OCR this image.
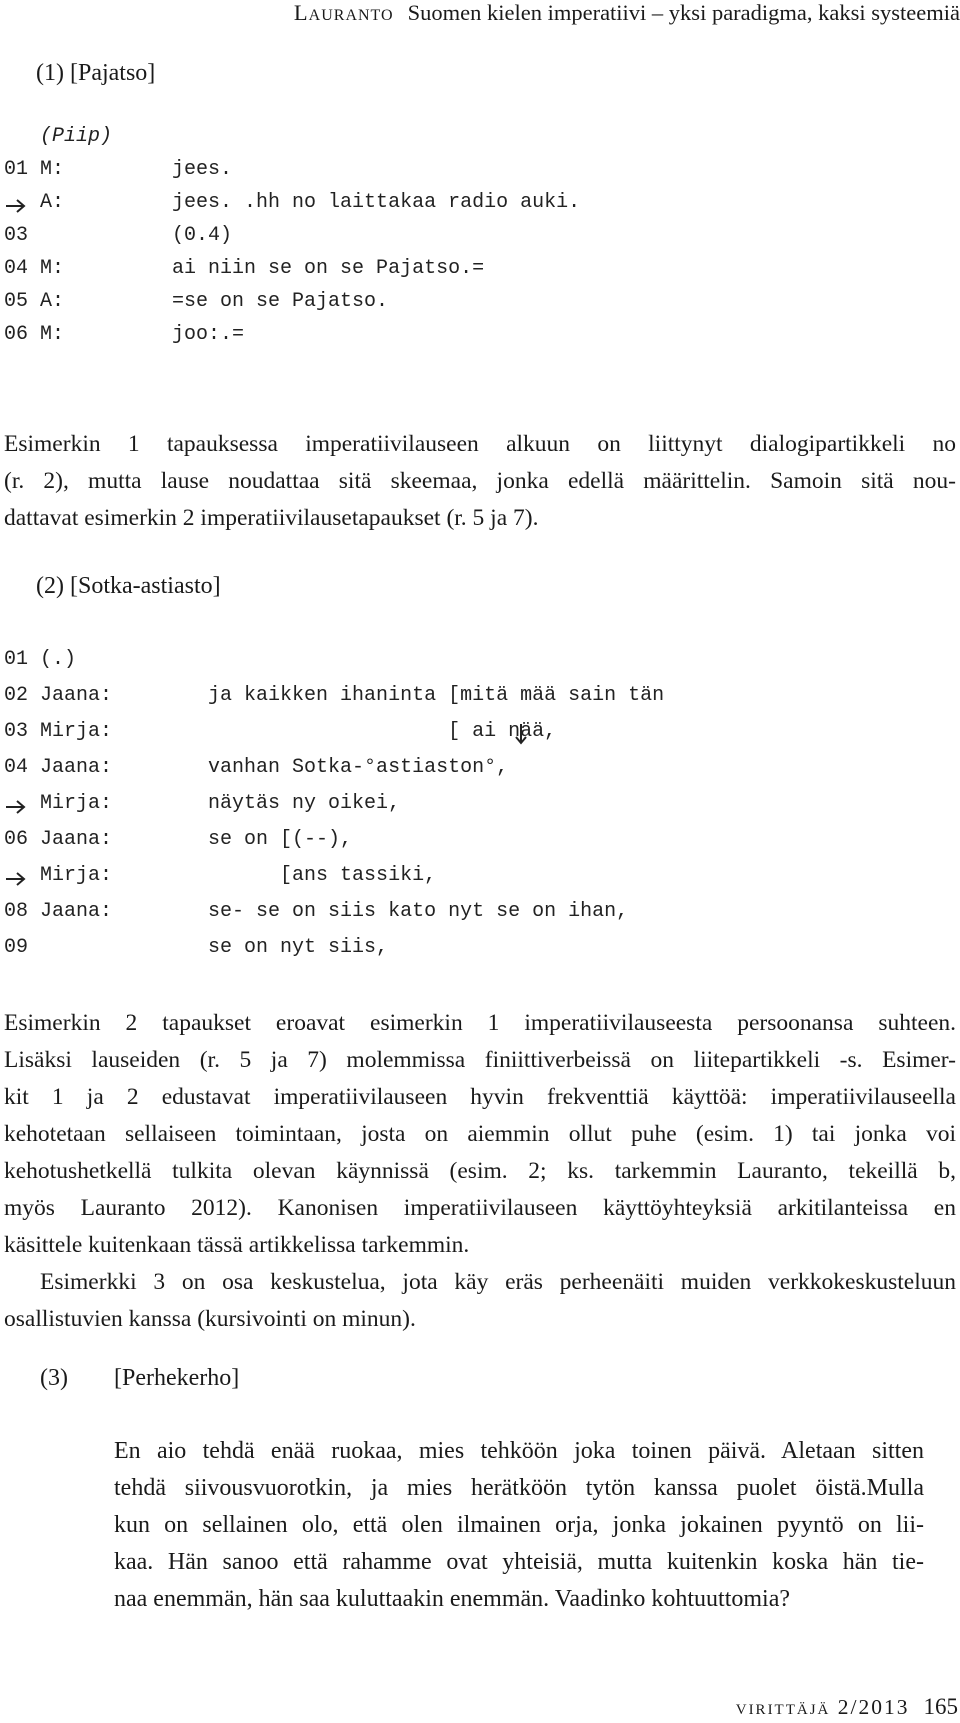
Lauranto Suomen kielen imperatiivi – yksi paradigma, kaksi systeemiä
(1) [Pajatso]
(Piip)
01 M:         jees.
A:         jees. .hh no laittakaa radio auki.
03            (0.4)
04 M:         ai niin se on se Pajatso.=
05 A:         =se on se Pajatso.
06 M:         joo:.=
Esimerkin 1 tapauksessa imperatiivilauseen alkuun on liittynyt dialogipartikkeli no
(r. 2), mutta lause noudattaa sitä skeemaa, jonka edellä määrittelin. Samoin sitä nou-
dattavat esimerkin 2 imperatiivilausetapaukset (r. 5 ja 7).
(2) [Sotka-astiasto]
01 (.)
02 Jaana:        ja kaikken ihaninta [mitä mää sain tän
03 Mirja:                            [ ai nää,
04 Jaana:        vanhan Sotka-°astiaston°,
Mirja:        näytäs ny oikei,
06 Jaana:        se on [(--),
Mirja:              [ans tassiki,
08 Jaana:        se- se on siis kato nyt se on ihan,
09               se on nyt siis,
Esimerkin 2 tapaukset eroavat esimerkin 1 imperatiivilauseesta persoonansa suhteen.
Lisäksi lauseiden (r. 5 ja 7) molemmissa finiittiverbeissä on liitepartikkeli -s. Esimer-
kit 1 ja 2 edustavat imperatiivilauseen hyvin frekventtiä käyttöä: imperatiivilauseella
kehotetaan sellaiseen toimintaan, josta on aiemmin ollut puhe (esim. 1) tai jonka voi
kehotushetkellä tulkita olevan käynnissä (esim. 2; ks. tarkemmin Lauranto, tekeillä b,
myös Lauranto 2012). Kanonisen imperatiivilauseen käyttöyhteyksiä arkitilanteissa en
käsittele kuitenkaan tässä artikkelissa tarkemmin.
Esimerkki 3 on osa keskustelua, jota käy eräs perheenäiti muiden verkkokeskusteluun
osallistuvien kanssa (kursivointi on minun).
(3) [Perhekerho]
En aio tehdä enää ruokaa, mies tehköön joka toinen päivä. Aletaan sitten
tehdä siivousvuorotkin, ja mies herätköön tytön kanssa puolet öistä.Mulla
kun on sellainen olo, että olen ilmainen orja, jonka jokainen pyyntö on lii-
kaa. Hän sanoo että rahamme ovat yhteisiä, mutta kuitenkin koska hän tie-
naa enemmän, hän saa kuluttaakin enemmän. Vaadinko kohtuuttomia?
virittäjä 2/2013 165
